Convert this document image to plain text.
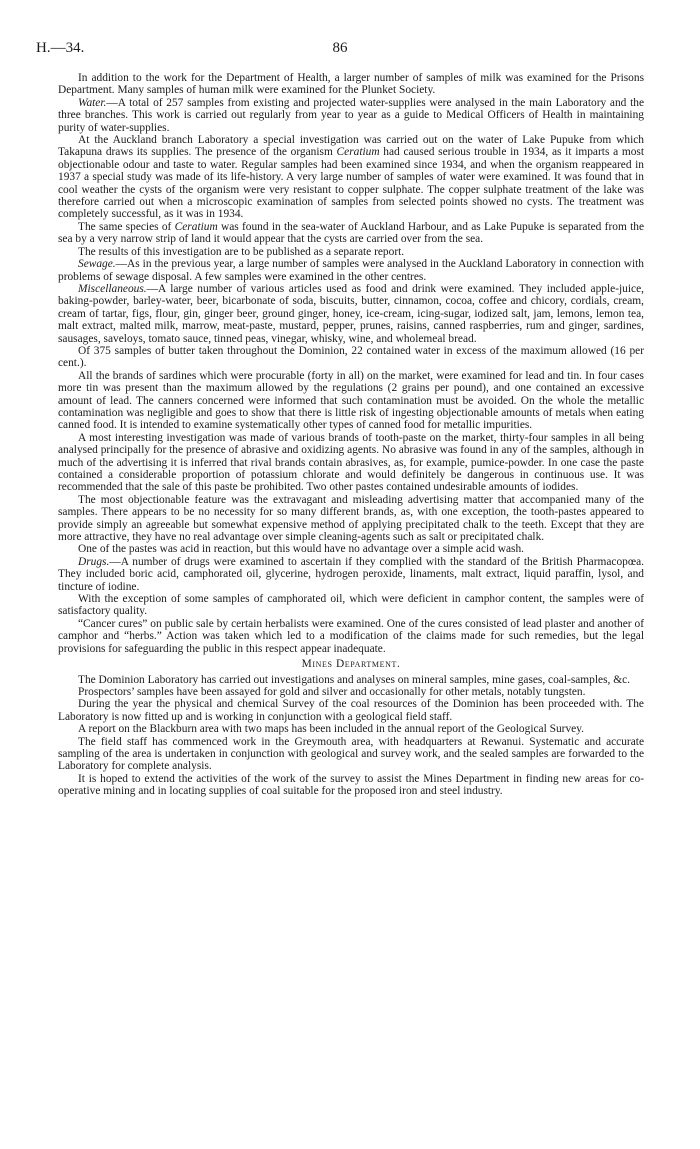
H.—34.	86

In addition to the work for the Department of Health, a larger number of samples of milk was examined for the Prisons Department. Many samples of human milk were examined for the Plunket Society.

Water.—A total of 257 samples from existing and projected water-supplies were analysed in the main Laboratory and the three branches. This work is carried out regularly from year to year as a guide to Medical Officers of Health in maintaining purity of water-supplies.

At the Auckland branch Laboratory a special investigation was carried out on the water of Lake Pupuke from which Takapuna draws its supplies. The presence of the organism Ceratium had caused serious trouble in 1934, as it imparts a most objectionable odour and taste to water. Regular samples had been examined since 1934, and when the organism reappeared in 1937 a special study was made of its life-history. A very large number of samples of water were examined. It was found that in cool weather the cysts of the organism were very resistant to copper sulphate. The copper sulphate treatment of the lake was therefore carried out when a microscopic examination of samples from selected points showed no cysts. The treatment was completely successful, as it was in 1934.

The same species of Ceratium was found in the sea-water of Auckland Harbour, and as Lake Pupuke is separated from the sea by a very narrow strip of land it would appear that the cysts are carried over from the sea.

The results of this investigation are to be published as a separate report.

Sewage.—As in the previous year, a large number of samples were analysed in the Auckland Laboratory in connection with problems of sewage disposal. A few samples were examined in the other centres.

Miscellaneous.—A large number of various articles used as food and drink were examined. They included apple-juice, baking-powder, barley-water, beer, bicarbonate of soda, biscuits, butter, cinnamon, cocoa, coffee and chicory, cordials, cream, cream of tartar, figs, flour, gin, ginger beer, ground ginger, honey, ice-cream, icing-sugar, iodized salt, jam, lemons, lemon tea, malt extract, malted milk, marrow, meat-paste, mustard, pepper, prunes, raisins, canned raspberries, rum and ginger, sardines, sausages, saveloys, tomato sauce, tinned peas, vinegar, whisky, wine, and wholemeal bread.

Of 375 samples of butter taken throughout the Dominion, 22 contained water in excess of the maximum allowed (16 per cent.).

All the brands of sardines which were procurable (forty in all) on the market, were examined for lead and tin. In four cases more tin was present than the maximum allowed by the regulations (2 grains per pound), and one contained an excessive amount of lead. The canners concerned were informed that such contamination must be avoided. On the whole the metallic contamination was negligible and goes to show that there is little risk of ingesting objectionable amounts of metals when eating canned food. It is intended to examine systematically other types of canned food for metallic impurities.

A most interesting investigation was made of various brands of tooth-paste on the market, thirty-four samples in all being analysed principally for the presence of abrasive and oxidizing agents. No abrasive was found in any of the samples, although in much of the advertising it is inferred that rival brands contain abrasives, as, for example, pumice-powder. In one case the paste contained a considerable proportion of potassium chlorate and would definitely be dangerous in continuous use. It was recommended that the sale of this paste be prohibited. Two other pastes contained undesirable amounts of iodides.

The most objectionable feature was the extravagant and misleading advertising matter that accompanied many of the samples. There appears to be no necessity for so many different brands, as, with one exception, the tooth-pastes appeared to provide simply an agreeable but somewhat expensive method of applying precipitated chalk to the teeth. Except that they are more attractive, they have no real advantage over simple cleaning-agents such as salt or precipitated chalk.

One of the pastes was acid in reaction, but this would have no advantage over a simple acid wash.

Drugs.—A number of drugs were examined to ascertain if they complied with the standard of the British Pharmacopœa. They included boric acid, camphorated oil, glycerine, hydrogen peroxide, linaments, malt extract, liquid paraffin, lysol, and tincture of iodine.

With the exception of some samples of camphorated oil, which were deficient in camphor content, the samples were of satisfactory quality.

“Cancer cures” on public sale by certain herbalists were examined. One of the cures consisted of lead plaster and another of camphor and “herbs.” Action was taken which led to a modification of the claims made for such remedies, but the legal provisions for safeguarding the public in this respect appear inadequate.

Mines Department.

The Dominion Laboratory has carried out investigations and analyses on mineral samples, mine gases, coal-samples, &c.

Prospectors’ samples have been assayed for gold and silver and occasionally for other metals, notably tungsten.

During the year the physical and chemical Survey of the coal resources of the Dominion has been proceeded with. The Laboratory is now fitted up and is working in conjunction with a geological field staff.

A report on the Blackburn area with two maps has been included in the annual report of the Geological Survey.

The field staff has commenced work in the Greymouth area, with headquarters at Rewanui. Systematic and accurate sampling of the area is undertaken in conjunction with geological and survey work, and the sealed samples are forwarded to the Laboratory for complete analysis.

It is hoped to extend the activities of the work of the survey to assist the Mines Department in finding new areas for co-operative mining and in locating supplies of coal suitable for the proposed iron and steel industry.
